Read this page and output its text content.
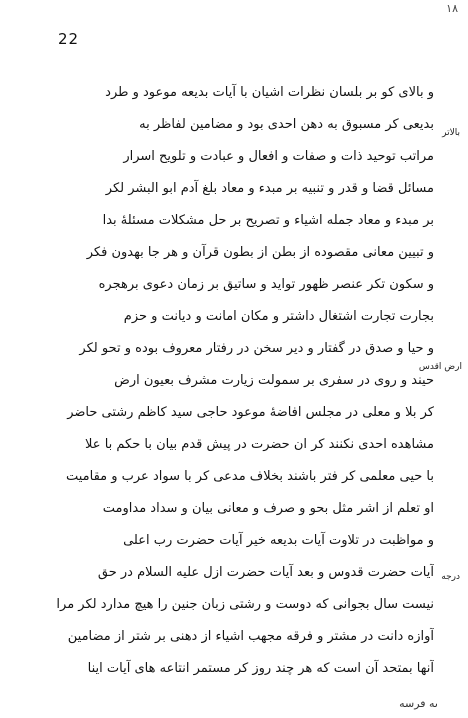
١٨
22
و بالای کو بر بلسان نظرات اشیان با آیات بدیعه موعود و طرد
بدیعی کر مسبوق به دهن احدی بود و مضامین لفاظر به
مراتب توحید ذات و صفات و افعال و عبادت و تلویح اسرار
مسائل قضا و قدر و تنبیه بر مبدء و معاد بلغ آدم ابو البشر لکر
بر مبدء و معاد جمله اشیاء و تصریح بر حل مشکلات مسئلۀ بدا
و تبیین معانی مقصوده از بطن از بطون قرآن و هر جا بهدون فکر
و سکون تکر عنصر ظهور تواید و ساتیق بر زمان دعوی برهجره
بجارت تجارت اشتغال داشتر و مکان امانت و دیانت و حزم
و حیا و صدق در گفتار و دیر سخن در رفتار معروف بوده و تحو لکر
حیند و روی در سفری بر سمولت زیارت مشرف بعیون ارض
کر بلا و معلی در مجلس افاضۀ موعود حاجی سید کاظم رشتی حاضر
مشاهده احدی نکنند کر ان حضرت در پیش قدم بیان با حکم با علا
با حیی معلمی کر فتر باشند بخلاف مدعی کر با سواد عرب و مقامیت
او تعلم از اشر مثل بحو و صرف و معانی بیان و سداد مداومت
و مواظبت در تلاوت آیات بدیعه خیر آیات حضرت رب اعلی
آیات حضرت قدوس و بعد آیات حضرت ازل علیه السلام در حق
نیست سال بجوانی که دوست و رشتی زبان جنین را هیچ مدارد لکر مرا
آوازه دانت در مشتر و فرقه مجهب اشیاء از دهنی بر شتر از مضامین
آنها بمتحد آن است که هر چند روز کر مستمر انتاعه های آیات اینا
بالاتر
ارض اقدس
درجه
ٮه ٯرسه
